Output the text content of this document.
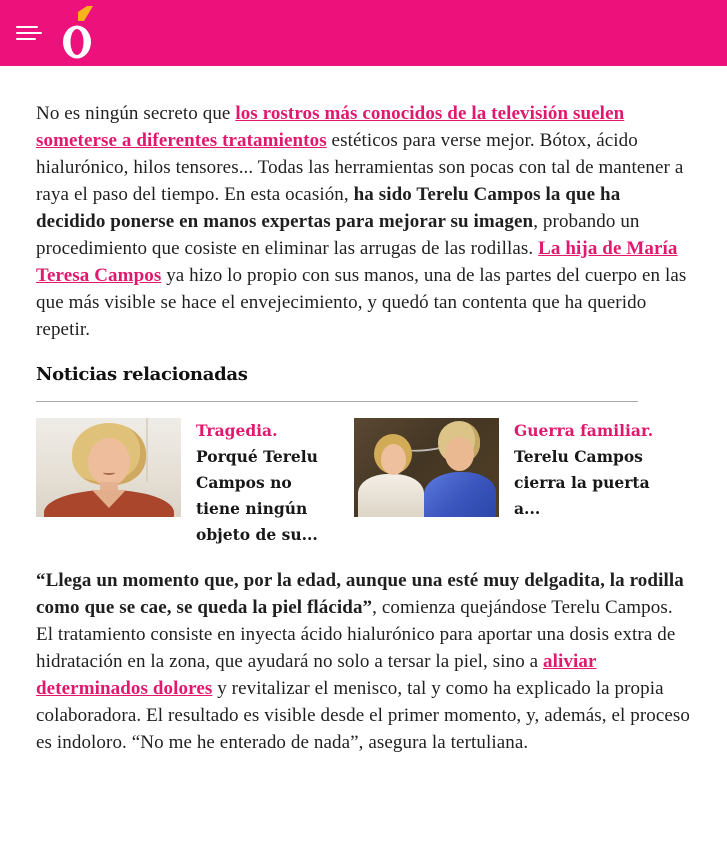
No es ningún secreto que los rostros más conocidos de la televisión suelen someterse a diferentes tratamientos estéticos para verse mejor. Bótox, ácido hialurónico, hilos tensores... Todas las herramientas son pocas con tal de mantener a raya el paso del tiempo. En esta ocasión, ha sido Terelu Campos la que ha decidido ponerse en manos expertas para mejorar su imagen, probando un procedimiento que cosiste en eliminar las arrugas de las rodillas. La hija de María Teresa Campos ya hizo lo propio con sus manos, una de las partes del cuerpo en las que más visible se hace el envejecimiento, y quedó tan contenta que ha querido repetir.

Noticias relacionadas

Tragedia. Porqué Terelu Campos no tiene ningún objeto de su...

Guerra familiar. Terelu Campos cierra la puerta a...

“Llega un momento que, por la edad, aunque una esté muy delgadita, la rodilla como que se cae, se queda la piel flácida”, comienza quejándose Terelu Campos. El tratamiento consiste en inyecta ácido hialurónico para aportar una dosis extra de hidratación en la zona, que ayudará no solo a tersar la piel, sino a aliviar determinados dolores y revitalizar el menisco, tal y como ha explicado la propia colaboradora. El resultado es visible desde el primer momento, y, además, el proceso es indoloro. “No me he enterado de nada”, asegura la tertuliana.
